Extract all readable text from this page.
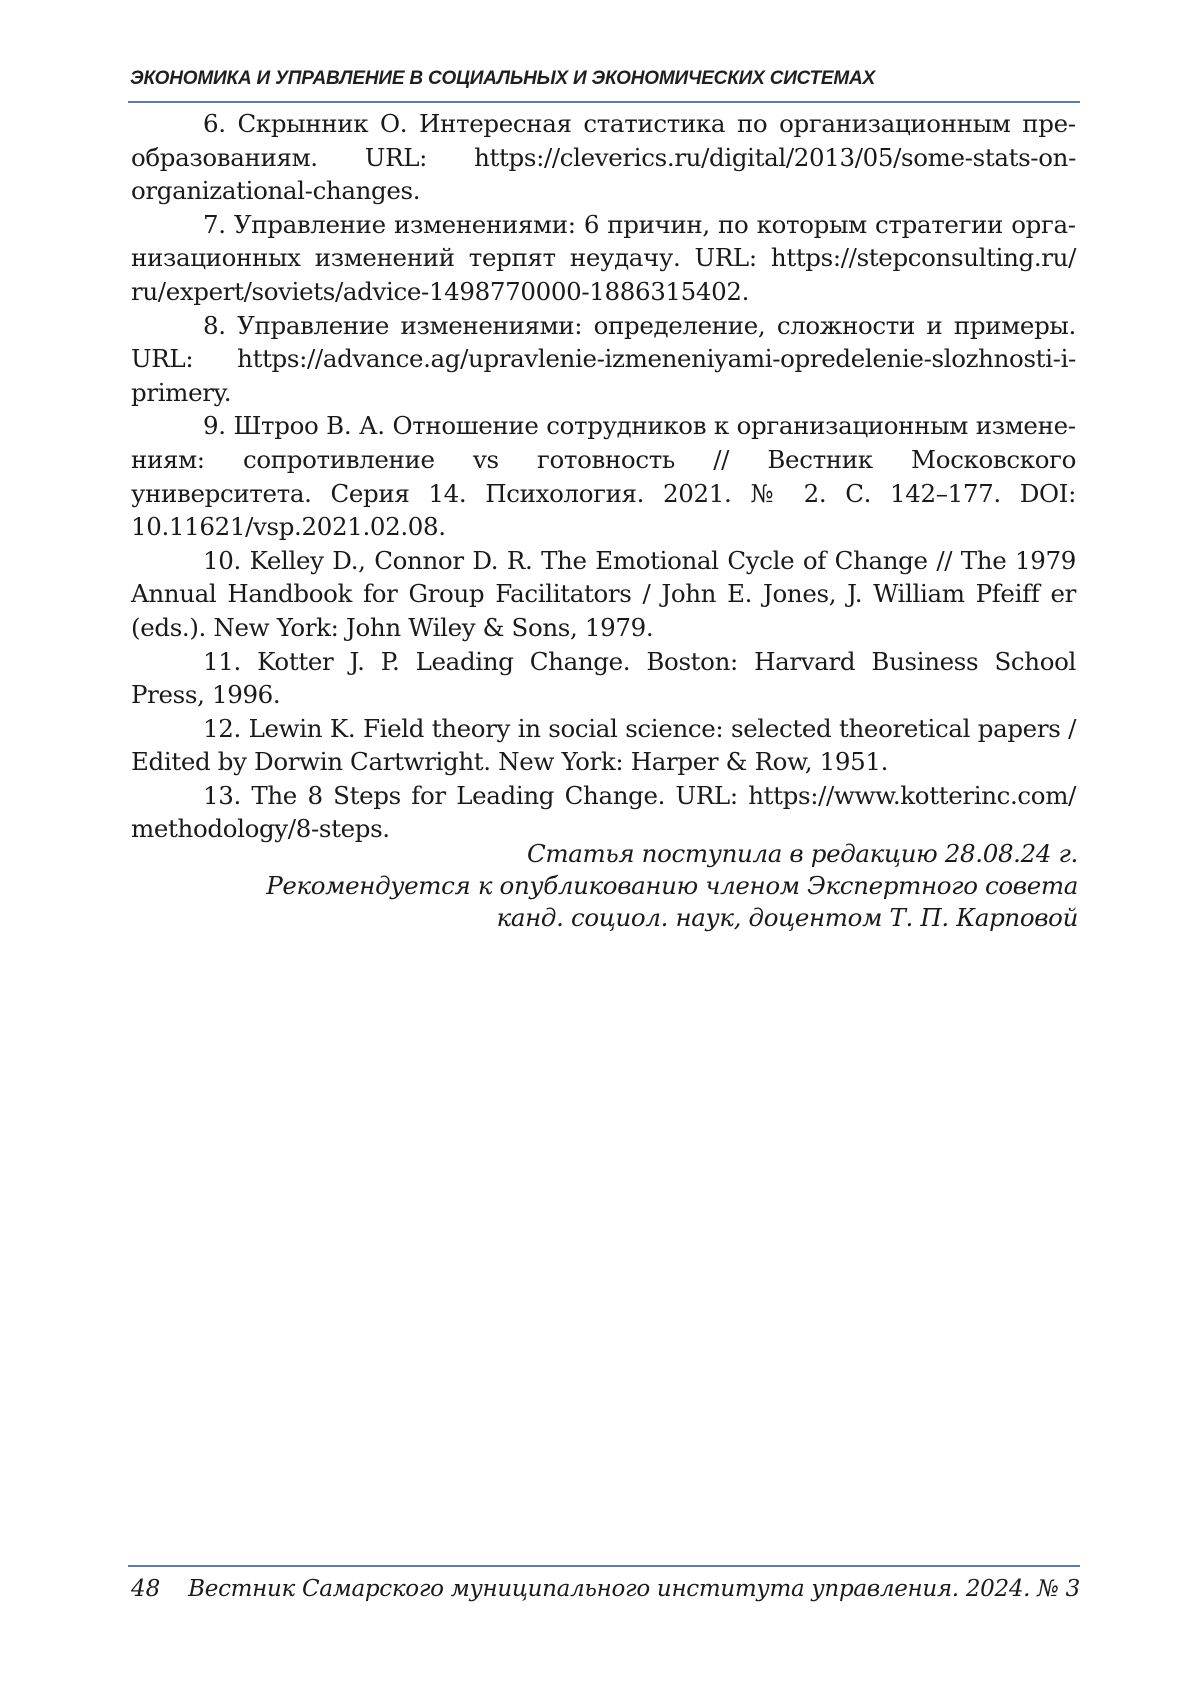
ЭКОНОМИКА И УПРАВЛЕНИЕ В СОЦИАЛЬНЫХ И ЭКОНОМИЧЕСКИХ СИСТЕМАХ
6. Скрынник О. Интересная статистика по организационным преобразованиям. URL: https://cleverics.ru/​digital/​2013/​05/​some-stats-on-​organizational-changes.
7. Управление изменениями: 6 причин, по которым стратегии организационных изменений терпят неудачу. URL: https://​stepconsulting.ru/​ru/​expert/soviets/advice-1498770000-1886315402.
8. Управление изменениями: определение, сложности и примеры. URL: https://​advance.ag/​upravlenie-izmeneniyami-opredelenie-slozhnosti-i-​primery.
9. Штроо В. А. Отношение сотрудников к организационным изменениям: сопротивление vs готовность // Вестник Московского университета. Серия 14. Психология. 2021. № 2. С. 142–177. DOI: 10.11621/vsp.2021.02.08.
10. Kelley D., Connor D. R. The Emotional Cycle of Change // The 1979 Annual Handbook for Group Facilitators / John E. Jones, J. William Pfeiff er (eds.). New York: John Wiley & Sons, 1979.
11. Kotter J. P. Leading Change. Boston: Harvard Business School Press, 1996.
12. Lewin K. Field theory in social science: selected theoretical papers / Edited by Dorwin Cartwright. New York: Harper & Row, 1951.
13. The 8 Steps for Leading Change. URL: https://​www.kotterinc.com/​methodology/8-steps.
Статья поступила в редакцию 28.08.24 г.
Рекомендуется к опубликованию членом Экспертного совета
канд. социол. наук, доцентом Т. П. Карповой
48 Вестник Самарского муниципального института управления. 2024. № 3
